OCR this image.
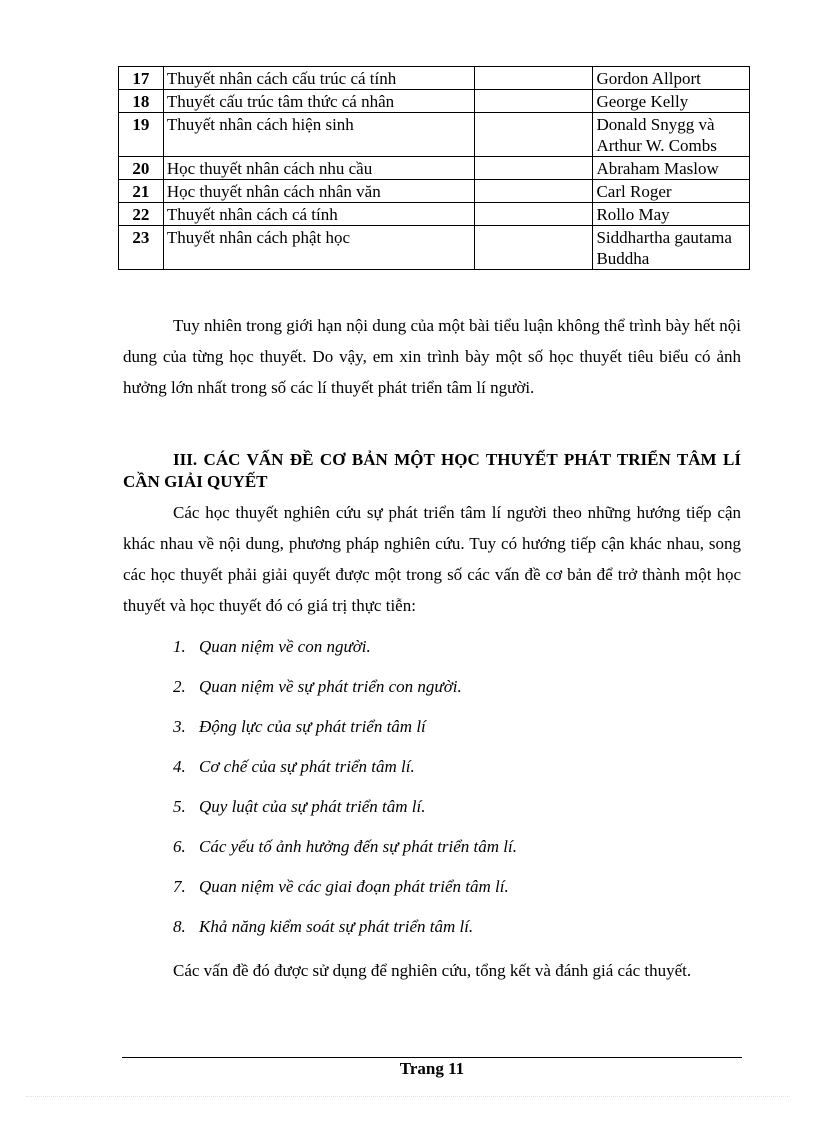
17	Thuyết nhân cách cấu trúc cá tính		Gordon Allport
18	Thuyết cấu trúc tâm thức cá nhân		George Kelly
19	Thuyết nhân cách hiện sinh		Donald Snygg và Arthur W. Combs
20	Học thuyết nhân cách nhu cầu		Abraham Maslow
21	Học thuyết nhân cách nhân văn		Carl Roger
22	Thuyết nhân cách cá tính		Rollo May
23	Thuyết nhân cách phật học		Siddhartha gautama Buddha

Tuy nhiên trong giới hạn nội dung của một bài tiểu luận không thể trình bày hết nội dung của từng học thuyết. Do vậy, em xin trình bày một số học thuyết tiêu biểu có ảnh hưởng lớn nhất trong số các lí thuyết phát triển tâm lí người.

III. CÁC VẤN ĐỀ CƠ BẢN MỘT HỌC THUYẾT PHÁT TRIỂN TÂM LÍ CẦN GIẢI QUYẾT

Các học thuyết nghiên cứu sự phát triển tâm lí người theo những hướng tiếp cận khác nhau về nội dung, phương pháp nghiên cứu. Tuy có hướng tiếp cận khác nhau, song các học thuyết phải giải quyết được một trong số các vấn đề cơ bản để trở thành một học thuyết và học thuyết đó có giá trị thực tiễn:

1. Quan niệm về con người.
2. Quan niệm về sự phát triển con người.
3. Động lực của sự phát triển tâm lí
4. Cơ chế của sự phát triển tâm lí.
5. Quy luật của sự phát triển tâm lí.
6. Các yếu tố ảnh hưởng đến sự phát triển tâm lí.
7. Quan niệm về các giai đoạn phát triển tâm lí.
8. Khả năng kiểm soát sự phát triển tâm lí.

Các vấn đề đó được sử dụng để nghiên cứu, tổng kết và đánh giá các thuyết.

Trang 11
